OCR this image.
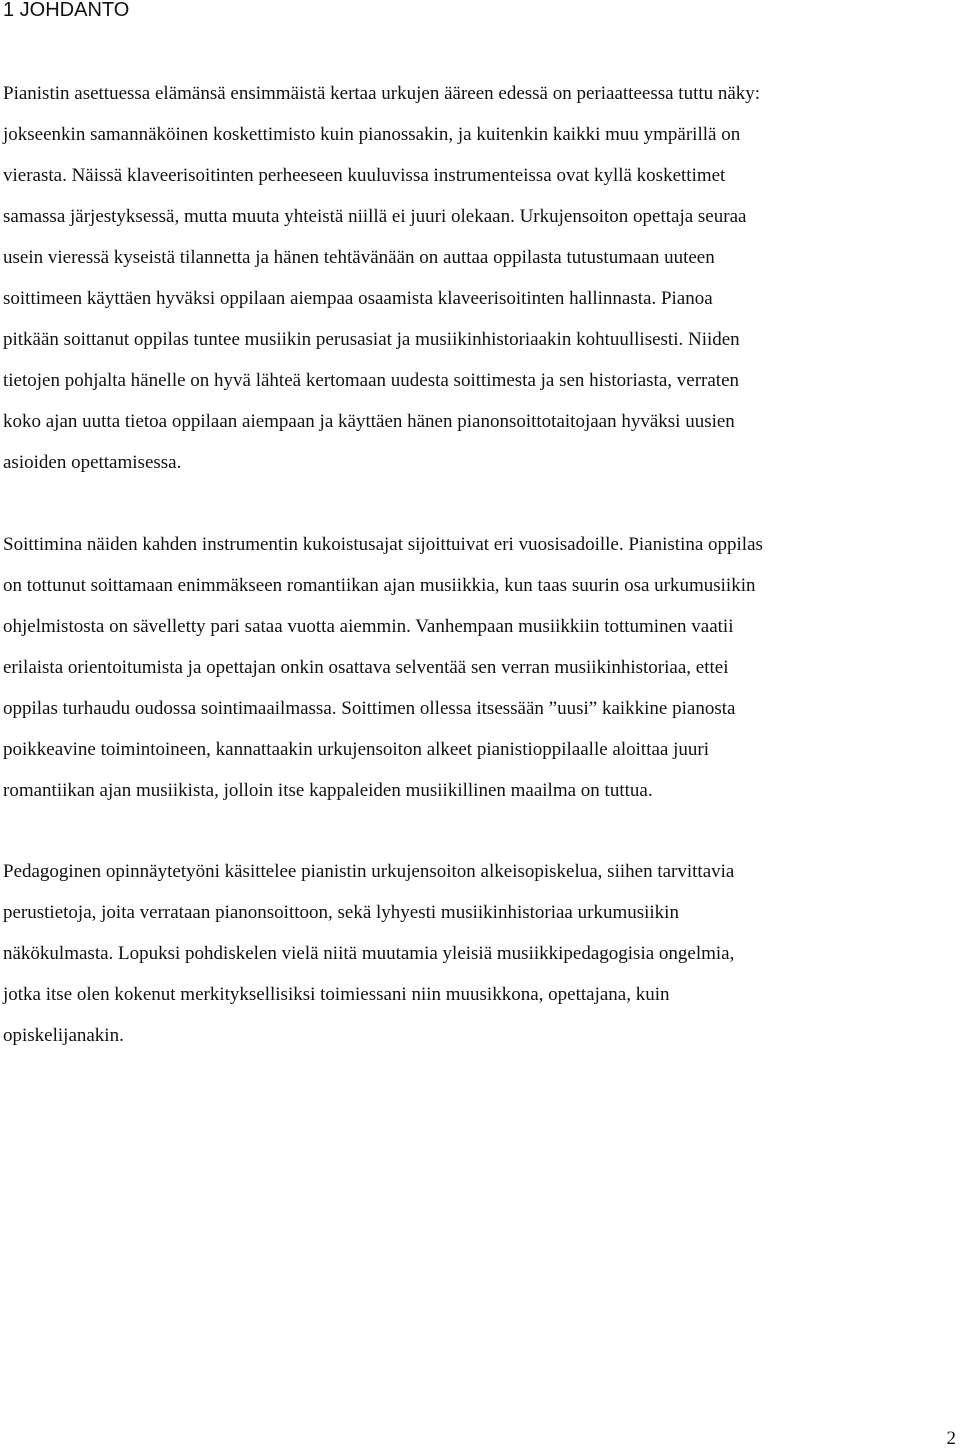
1 JOHDANTO
Pianistin asettuessa elämänsä ensimmäistä kertaa urkujen ääreen edessä on periaatteessa tuttu näky:
jokseenkin samannäköinen koskettimisto kuin pianossakin, ja kuitenkin kaikki muu ympärillä on
vierasta. Näissä klaveerisoitinten perheeseen kuuluvissa instrumenteissa ovat kyllä koskettimet
samassa järjestyksessä, mutta muuta yhteistä niillä ei juuri olekaan. Urkujensoiton opettaja seuraa
usein vieressä kyseistä tilannetta ja hänen tehtävänään on auttaa oppilasta tutustumaan uuteen
soittimeen käyttäen hyväksi oppilaan aiempaa osaamista klaveerisoitinten hallinnasta. Pianoa
pitkään soittanut oppilas tuntee musiikin perusasiat ja musiikinhistoriaakin kohtuullisesti. Niiden
tietojen pohjalta hänelle on hyvä lähteä kertomaan uudesta soittimesta ja sen historiasta, verraten
koko ajan uutta tietoa oppilaan aiempaan ja käyttäen hänen pianonsoittotaitojaan hyväksi uusien
asioiden opettamisessa.
Soittimina näiden kahden instrumentin kukoistusajat sijoittuivat eri vuosisadoille. Pianistina oppilas
on tottunut soittamaan enimmäkseen romantiikan ajan musiikkia, kun taas suurin osa urkumusiikin
ohjelmistosta on sävelletty pari sataa vuotta aiemmin. Vanhempaan musiikkiin tottuminen vaatii
erilaista orientoitumista ja opettajan onkin osattava selventää sen verran musiikinhistoriaa, ettei
oppilas turhaudu oudossa sointimaailmassa. Soittimen ollessa itsessään ”uusi” kaikkine pianosta
poikkeavine toimintoineen, kannattaakin urkujensoiton alkeet pianistioppilaalle aloittaa juuri
romantiikan ajan musiikista, jolloin itse kappaleiden musiikillinen maailma on tuttua.
Pedagoginen opinnäytetyöni käsittelee pianistin urkujensoiton alkeisopiskelua, siihen tarvittavia
perustietoja, joita verrataan pianonsoittoon, sekä lyhyesti musiikinhistoriaa urkumusiikin
näkökulmasta. Lopuksi pohdiskelen vielä niitä muutamia yleisiä musiikkipedagogisia ongelmia,
jotka itse olen kokenut merkityksellisiksi toimiessani niin muusikkona, opettajana, kuin
opiskelijanakin.
2
